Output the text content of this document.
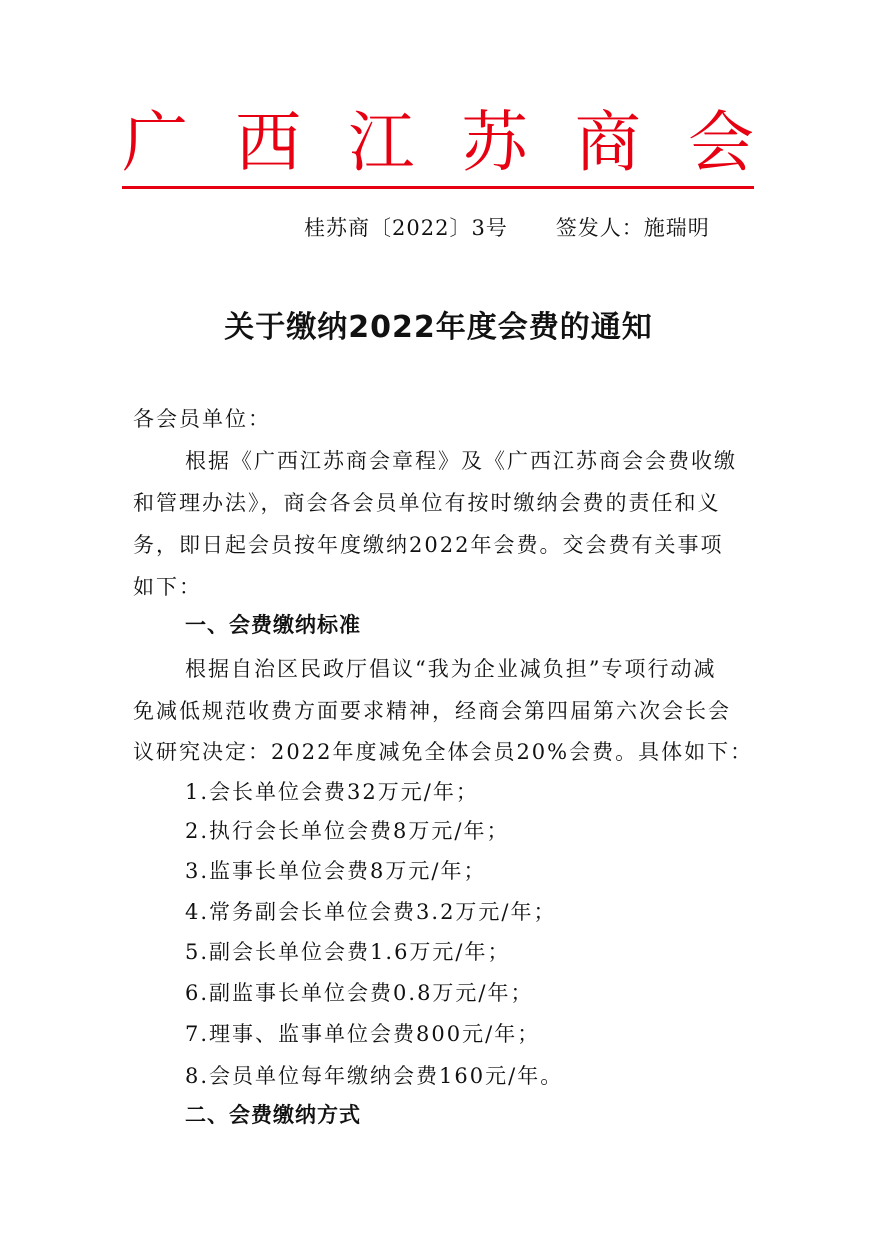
广 西 江 苏 商 会
桂苏商〔2022〕3号 签发人：施瑞明
关于缴纳2022年度会费的通知
各会员单位：
根据《广西江苏商会章程》及《广西江苏商会会费收缴
和管理办法》，商会各会员单位有按时缴纳会费的责任和义
务，即日起会员按年度缴纳2022年会费。交会费有关事项
如下：
一、会费缴纳标准
根据自治区民政厅倡议“我为企业减负担”专项行动减
免减低规范收费方面要求精神，经商会第四届第六次会长会
议研究决定：2022年度减免全体会员20%会费。具体如下：
1.会长单位会费32万元/年；
2.执行会长单位会费8万元/年；
3.监事长单位会费8万元/年；
4.常务副会长单位会费3.2万元/年；
5.副会长单位会费1.6万元/年；
6.副监事长单位会费0.8万元/年；
7.理事、监事单位会费800元/年；
8.会员单位每年缴纳会费160元/年。
二、会费缴纳方式
